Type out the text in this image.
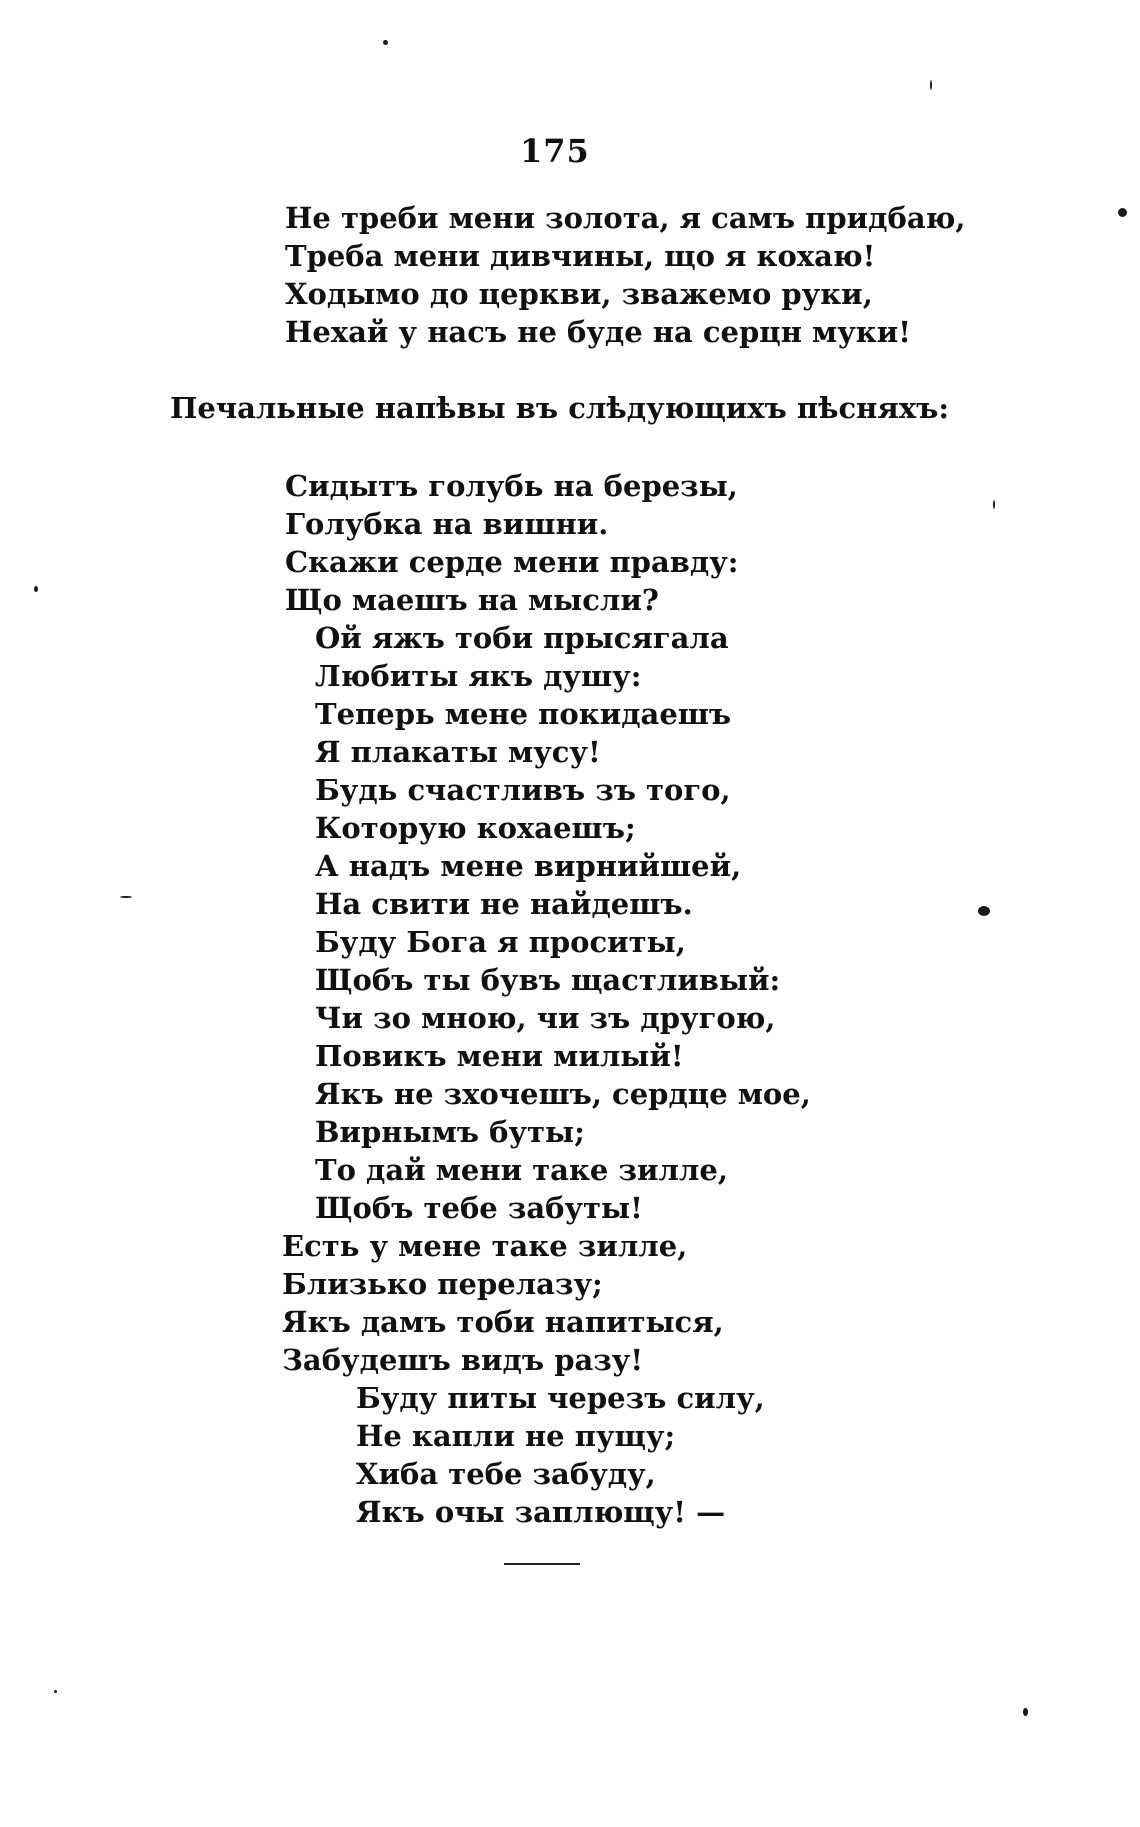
175
Не треби мени золота, я самъ придбаю,
Треба мени дивчины, що я кохаю!
Ходымо до церкви, зважемо руки,
Нехай у насъ не буде на серцн муки!
Печальные напѣвы въ слѣдующихъ пѣсняхъ:
Сидытъ голубь на березы,
Голубка на вишни.
Скажи серде мени правду:
Що маешъ на мысли?
Ой яжъ тоби прысягала
Любиты якъ душу:
Теперь мене покидаешъ
Я плакаты мусу!
Будь счастливъ зъ того,
Которую кохаешъ;
А надъ мене вирнийшей,
На свити не найдешъ.
Буду Бога я проситы,
Щобъ ты бувъ щастливый:
Чи зо мною, чи зъ другою,
Повикъ мени милый!
Якъ не зхочешъ, сердце мое,
Вирнымъ буты;
То дай мени таке зилле,
Щобъ тебе забуты!
Есть у мене таке зилле,
Близько перелазу;
Якъ дамъ тоби напитыся,
Забудешъ видъ разу!
Буду питы черезъ силу,
Не капли не пущу;
Хиба тебе забуду,
Якъ очы заплющу! —
